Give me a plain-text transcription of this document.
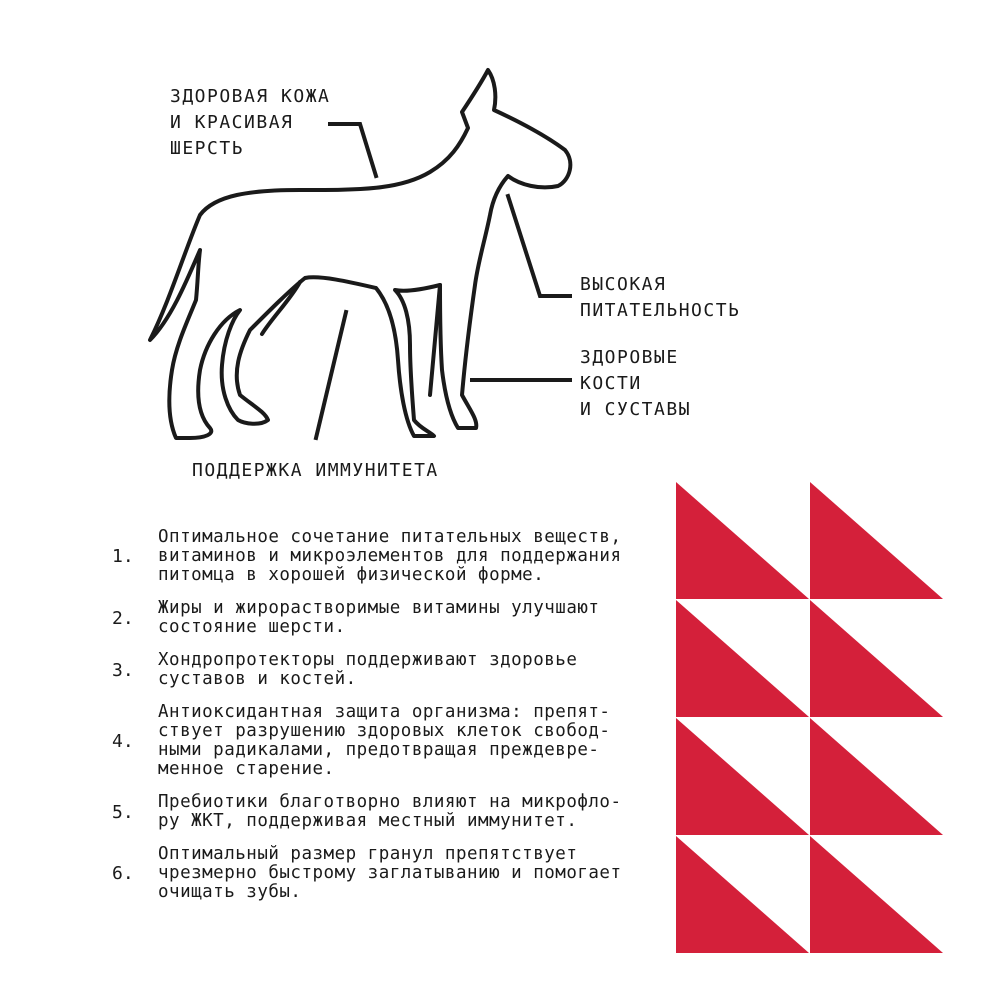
ЗДОРОВАЯ КОЖА
И КРАСИВАЯ
ШЕРСТЬ
ВЫСОКАЯ
ПИТАТЕЛЬНОСТЬ
ЗДОРОВЫЕ
КОСТИ
И СУСТАВЫ
ПОДДЕРЖКА ИММУНИТЕТА
1.
Оптимальное сочетание питательных веществ,
витаминов и микроэлементов для поддержания
питомца в хорошей физической форме.
2.	Жиры и жирорастворимые витамины улучшают
состояние шерсти.
3.	Хондропротекторы поддерживают здоровье
суставов и костей.
4.
Антиоксидантная защита организма: препят-
ствует разрушению здоровых клеток свобод-
ными радикалами, предотвращая преждевре-
менное старение.
5.	Пребиотики благотворно влияют на микрофло-
ру ЖКТ, поддерживая местный иммунитет.
6.
Оптимальный размер гранул препятствует
чрезмерно быстрому заглатыванию и помогает
очищать зубы.
